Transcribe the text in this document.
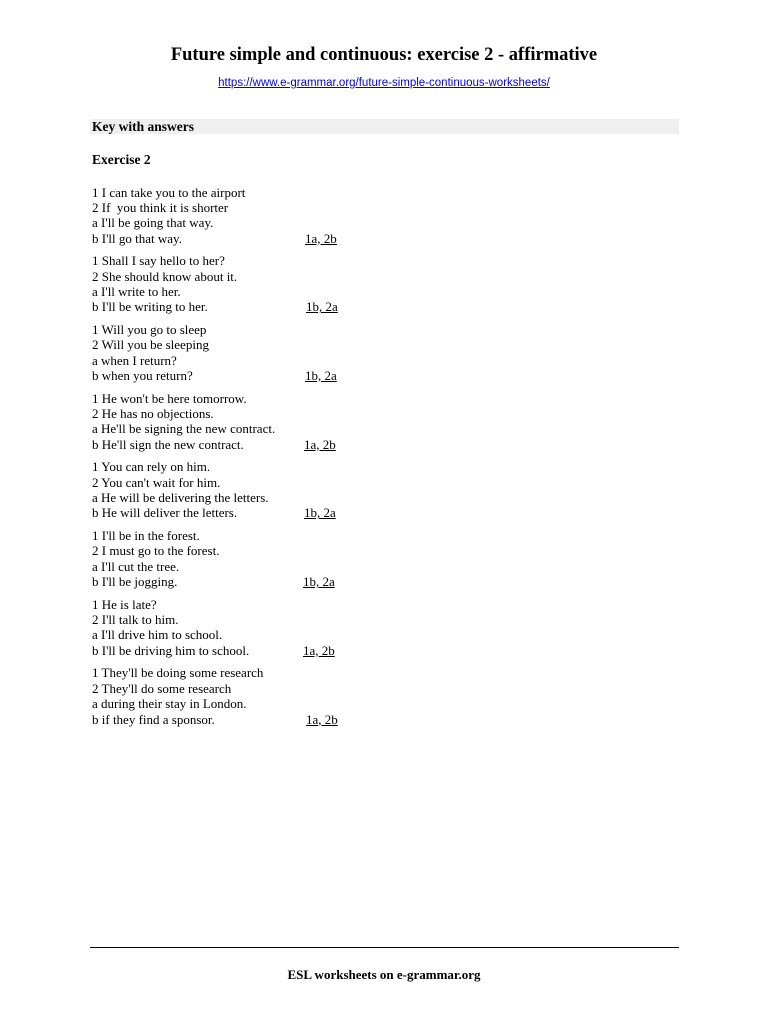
Future simple and continuous: exercise 2 - affirmative
https://www.e-grammar.org/future-simple-continuous-worksheets/
Key with answers
Exercise 2
1 I can take you to the airport
2 If  you think it is shorter
a I'll be going that way.
b I'll go that way.	1a, 2b
1 Shall I say hello to her?
2 She should know about it.
a I'll write to her.
b I'll be writing to her.	1b, 2a
1 Will you go to sleep
2 Will you be sleeping
a when I return?
b when you return?	1b, 2a
1 He won't be here tomorrow.
2 He has no objections.
a He'll be signing the new contract.
b He'll sign the new contract.	1a, 2b
1 You can rely on him.
2 You can't wait for him.
a He will be delivering the letters.
b He will deliver the letters.	1b, 2a
1 I'll be in the forest.
2 I must go to the forest.
a I'll cut the tree.
b I'll be jogging.	1b, 2a
1 He is late?
2 I'll talk to him.
a I'll drive him to school.
b I'll be driving him to school.	1a, 2b
1 They'll be doing some research
2 They'll do some research
a during their stay in London.
b if they find a sponsor.	1a, 2b
ESL worksheets on e-grammar.org
